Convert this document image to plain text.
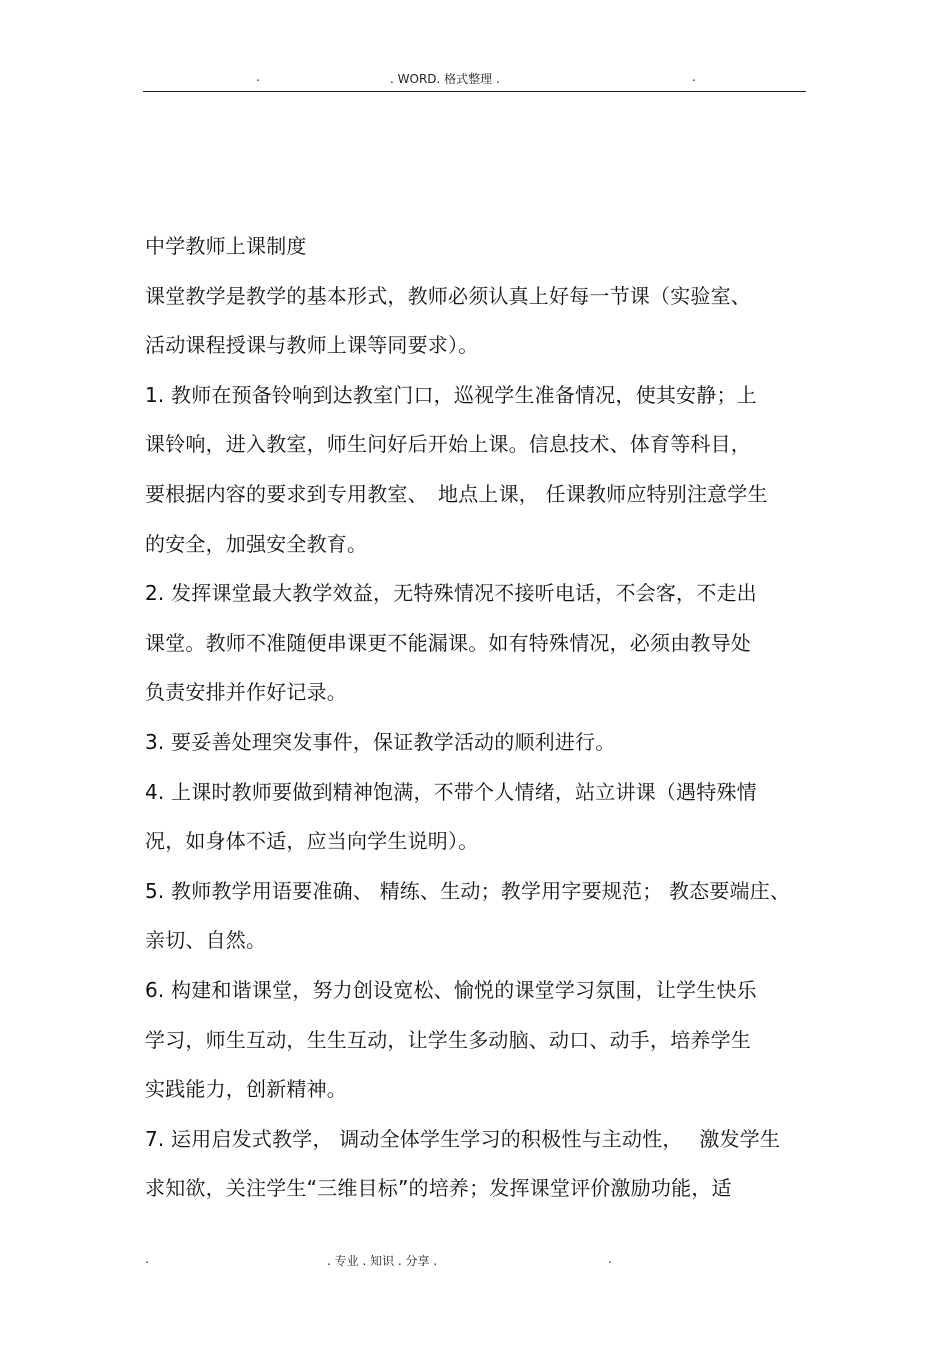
.	. WORD. 格式整理 .	.
中学教师上课制度
课堂教学是教学的基本形式，教师必须认真上好每一节课（实验室、
活动课程授课与教师上课等同要求）。
1. 教师在预备铃响到达教室门口，巡视学生准备情况，使其安静；上
课铃响，进入教室，师生问好后开始上课。信息技术、体育等科目，
要根据内容的要求到专用教室、　地点上课， 任课教师应特别注意学生
的安全，加强安全教育。
2. 发挥课堂最大教学效益，无特殊情况不接听电话，不会客，不走出
课堂。教师不准随便串课更不能漏课。如有特殊情况，必须由教导处
负责安排并作好记录。
3. 要妥善处理突发事件，保证教学活动的顺利进行。
4. 上课时教师要做到精神饱满，不带个人情绪，站立讲课（遇特殊情
况，如身体不适，应当向学生说明）。
5. 教师教学用语要准确、 精练、生动；教学用字要规范； 教态要端庄、
亲切、自然。
6. 构建和谐课堂，努力创设宽松、愉悦的课堂学习氛围，让学生快乐
学习，师生互动，生生互动，让学生多动脑、动口、动手，培养学生
实践能力，创新精神。
7. 运用启发式教学， 调动全体学生学习的积极性与主动性，　 激发学生
求知欲，关注学生“三维目标”的培养；发挥课堂评价激励功能，适
.	. 专业 . 知识 . 分享 .	.
